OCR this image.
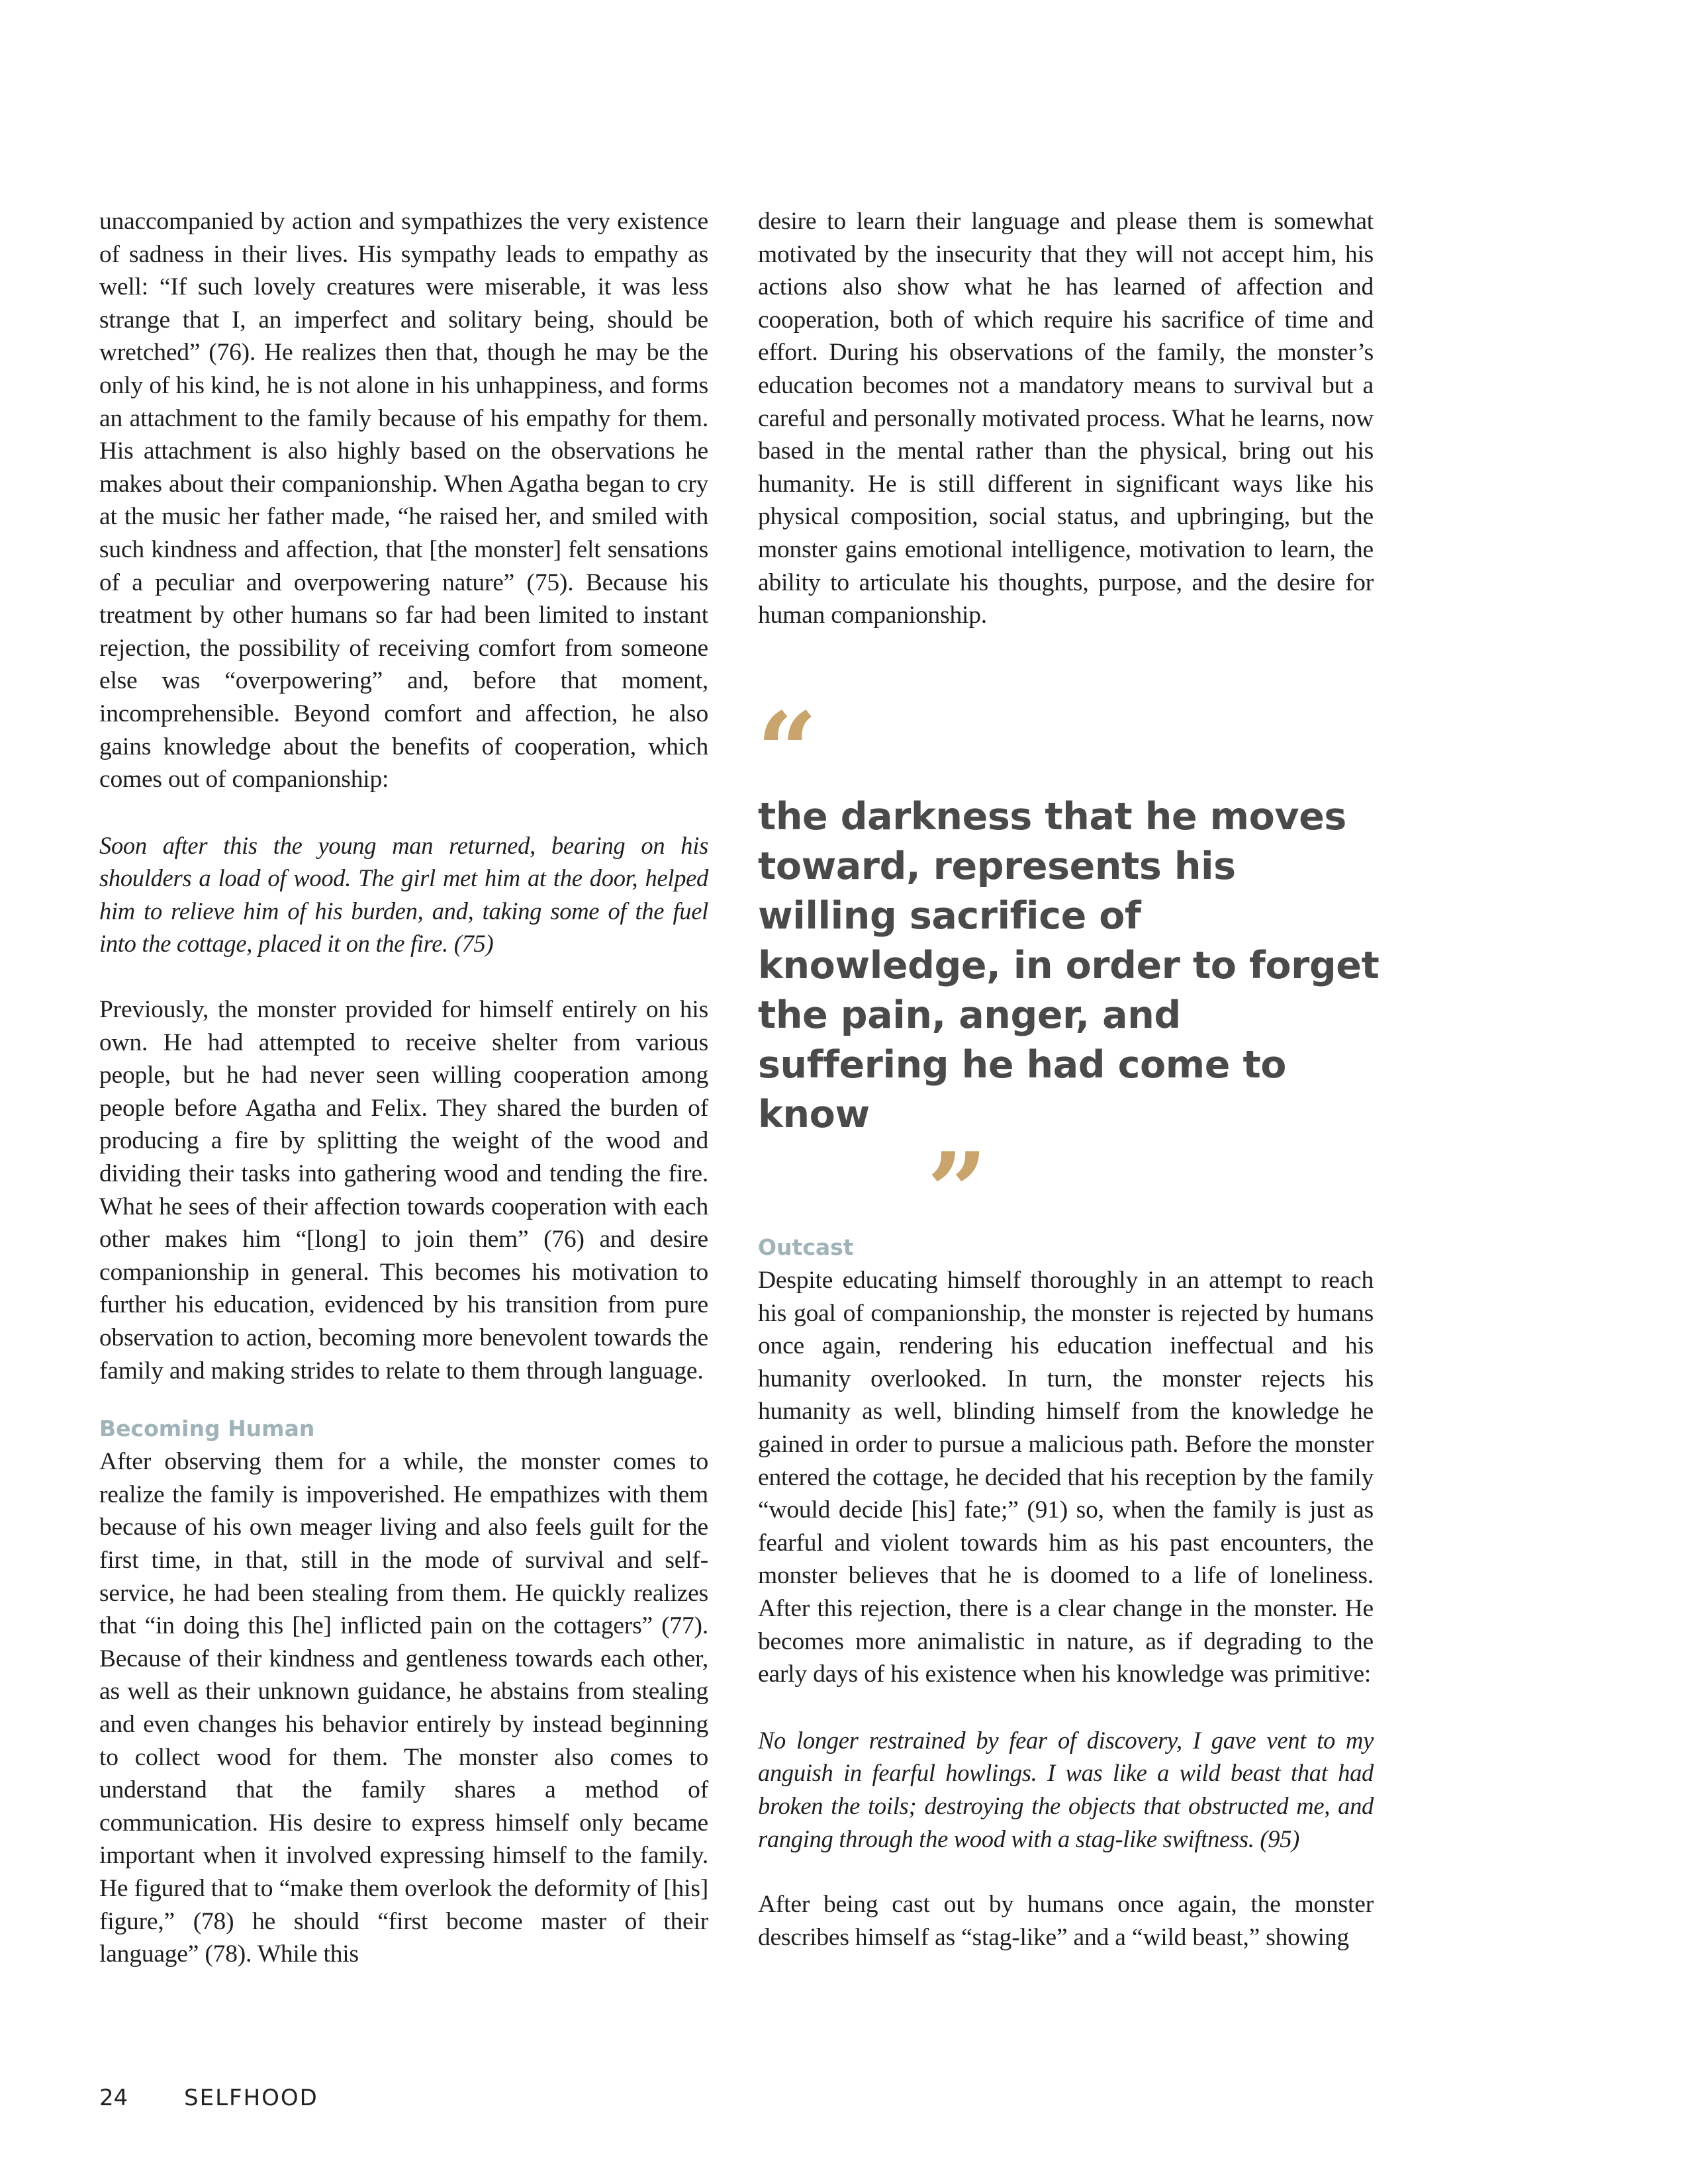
unaccompanied by action and sympathizes the very existence of sadness in their lives. His sympathy leads to empathy as well: “If such lovely creatures were miserable, it was less strange that I, an imperfect and solitary being, should be wretched” (76). He realizes then that, though he may be the only of his kind, he is not alone in his unhappiness, and forms an attachment to the family because of his empathy for them. His attachment is also highly based on the observations he makes about their companionship. When Agatha began to cry at the music her father made, “he raised her, and smiled with such kindness and affection, that [the monster] felt sensations of a peculiar and overpowering nature” (75). Because his treatment by other humans so far had been limited to instant rejection, the possibility of receiving comfort from someone else was “overpowering” and, before that moment, incomprehensible. Beyond comfort and affection, he also gains knowledge about the benefits of cooperation, which comes out of companionship:

Soon after this the young man returned, bearing on his shoulders a load of wood. The girl met him at the door, helped him to relieve him of his burden, and, taking some of the fuel into the cottage, placed it on the fire. (75)

Previously, the monster provided for himself entirely on his own. He had attempted to receive shelter from various people, but he had never seen willing cooperation among people before Agatha and Felix. They shared the burden of producing a fire by splitting the weight of the wood and dividing their tasks into gathering wood and tending the fire. What he sees of their affection towards cooperation with each other makes him “[long] to join them” (76) and desire companionship in general. This becomes his motivation to further his education, evidenced by his transition from pure observation to action, becoming more benevolent towards the family and making strides to relate to them through language.

Becoming Human

After observing them for a while, the monster comes to realize the family is impoverished. He empathizes with them because of his own meager living and also feels guilt for the first time, in that, still in the mode of survival and self-service, he had been stealing from them. He quickly realizes that “in doing this [he] inflicted pain on the cottagers” (77). Because of their kindness and gentleness towards each other, as well as their unknown guidance, he abstains from stealing and even changes his behavior entirely by instead beginning to collect wood for them. The monster also comes to understand that the family shares a method of communication. His desire to express himself only became important when it involved expressing himself to the family. He figured that to “make them overlook the deformity of [his] figure,” (78) he should “first become master of their language” (78). While this

desire to learn their language and please them is somewhat motivated by the insecurity that they will not accept him, his actions also show what he has learned of affection and cooperation, both of which require his sacrifice of time and effort. During his observations of the family, the monster’s education becomes not a mandatory means to survival but a careful and personally motivated process. What he learns, now based in the mental rather than the physical, bring out his humanity. He is still different in significant ways like his physical composition, social status, and upbringing, but the monster gains emotional intelligence, motivation to learn, the ability to articulate his thoughts, purpose, and the desire for human companionship.

“

the darkness that he moves toward, represents his willing sacrifice of knowledge, in order to forget the pain, anger, and suffering he had come to know

”
Outcast

Despite educating himself thoroughly in an attempt to reach his goal of companionship, the monster is rejected by humans once again, rendering his education ineffectual and his humanity overlooked. In turn, the monster rejects his humanity as well, blinding himself from the knowledge he gained in order to pursue a malicious path. Before the monster entered the cottage, he decided that his reception by the family “would decide [his] fate;” (91) so, when the family is just as fearful and violent towards him as his past encounters, the monster believes that he is doomed to a life of loneliness. After this rejection, there is a clear change in the monster. He becomes more animalistic in nature, as if degrading to the early days of his existence when his knowledge was primitive:

No longer restrained by fear of discovery, I gave vent to my anguish in fearful howlings. I was like a wild beast that had broken the toils; destroying the objects that obstructed me, and ranging through the wood with a stag-like swiftness. (95)

After being cast out by humans once again, the monster describes himself as “stag-like” and a “wild beast,” showing

24 SELFHOOD
